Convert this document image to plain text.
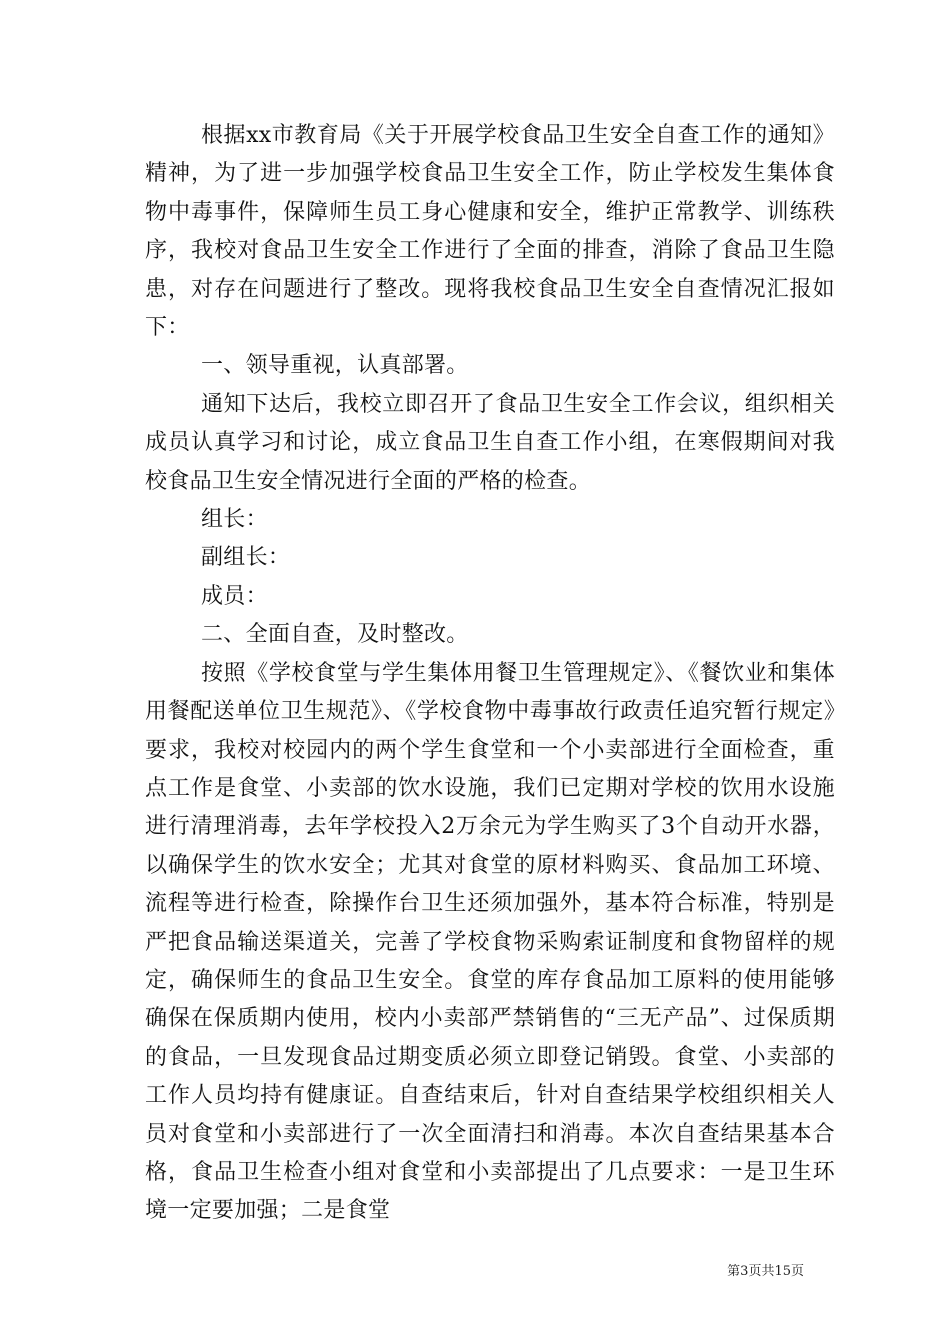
根据xx市教育局《关于开展学校食品卫生安全自查工作的通知》精神，为了进一步加强学校食品卫生安全工作，防止学校发生集体食物中毒事件，保障师生员工身心健康和安全，维护正常教学、训练秩序，我校对食品卫生安全工作进行了全面的排查，消除了食品卫生隐患，对存在问题进行了整改。现将我校食品卫生安全自查情况汇报如下：

一、领导重视，认真部署。

通知下达后，我校立即召开了食品卫生安全工作会议，组织相关成员认真学习和讨论，成立食品卫生自查工作小组，在寒假期间对我校食品卫生安全情况进行全面的严格的检查。

组长：

副组长：

成员：

二、全面自查，及时整改。

按照《学校食堂与学生集体用餐卫生管理规定》、《餐饮业和集体用餐配送单位卫生规范》、《学校食物中毒事故行政责任追究暂行规定》要求，我校对校园内的两个学生食堂和一个小卖部进行全面检查，重点工作是食堂、小卖部的饮水设施，我们已定期对学校的饮用水设施进行清理消毒，去年学校投入2万余元为学生购买了3个自动开水器，以确保学生的饮水安全；尤其对食堂的原材料购买、食品加工环境、流程等进行检查，除操作台卫生还须加强外，基本符合标准，特别是严把食品输送渠道关，完善了学校食物采购索证制度和食物留样的规定，确保师生的食品卫生安全。食堂的库存食品加工原料的使用能够确保在保质期内使用，校内小卖部严禁销售的“三无产品”、过保质期的食品，一旦发现食品过期变质必须立即登记销毁。食堂、小卖部的工作人员均持有健康证。自查结束后，针对自查结果学校组织相关人员对食堂和小卖部进行了一次全面清扫和消毒。本次自查结果基本合格，食品卫生检查小组对食堂和小卖部提出了几点要求：一是卫生环境一定要加强；二是食堂

第3页共15页
